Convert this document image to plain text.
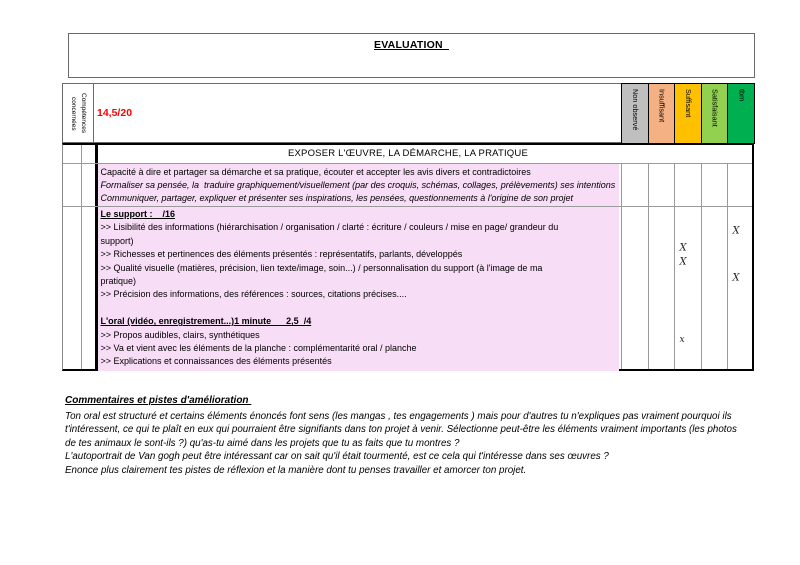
EVALUATION
Compétences concernées	14,5/20	Non observé Insuffisant Suffisant Satisfaisant tbm
EXPOSER L'ŒUVRE, LA DÉMARCHE, LA PRATIQUE
Capacité à dire et partager sa démarche et sa pratique, écouter et accepter les avis divers et contradictoires
Formaliser sa pensée, la  traduire graphiquement/visuellement (par des croquis, schémas, collages, prélèvements) ses intentions
Communiquer, partager, expliquer et présenter ses inspirations, les pensées, questionnements à l'origine de son projet
Le support :    /16
>> Lisibilité des informations (hiérarchisation / organisation / clarté : écriture / couleurs / mise en page/ grandeur du
support)
>> Richesses et pertinences des éléments présentés : représentatifs, parlants, développés
>> Qualité visuelle (matières, précision, lien texte/image, soin...) / personnalisation du support (à l'image de ma
pratique)
>> Précision des informations, des références : sources, citations précises....

L'oral (vidéo, enregistrement...)1 minute      2,5  /4
>> Propos audibles, clairs, synthétiques
>> Va et vient avec les éléments de la planche : complémentarité oral / planche
>> Explications et connaissances des éléments présentés
X
X
X
X
x
Commentaires et pistes d'amélioration
Ton oral est structuré et certains éléments énoncés font sens (les mangas , tes engagements ) mais pour d'autres tu n'expliques pas vraiment pourquoi ils
t'intéressent, ce qui te plaît en eux qui pourraient être signifiants dans ton projet à venir. Sélectionne peut-être les éléments vraiment importants (les photos
de tes animaux le sont-ils ?) qu'as-tu aimé dans les projets que tu as faits que tu montres ?
L'autoportrait de Van gogh peut être intéressant car on sait qu'il était tourmenté, est ce cela qui t'intéresse dans ses œuvres ?
Enonce plus clairement tes pistes de réflexion et la manière dont tu penses travailler et amorcer ton projet.
